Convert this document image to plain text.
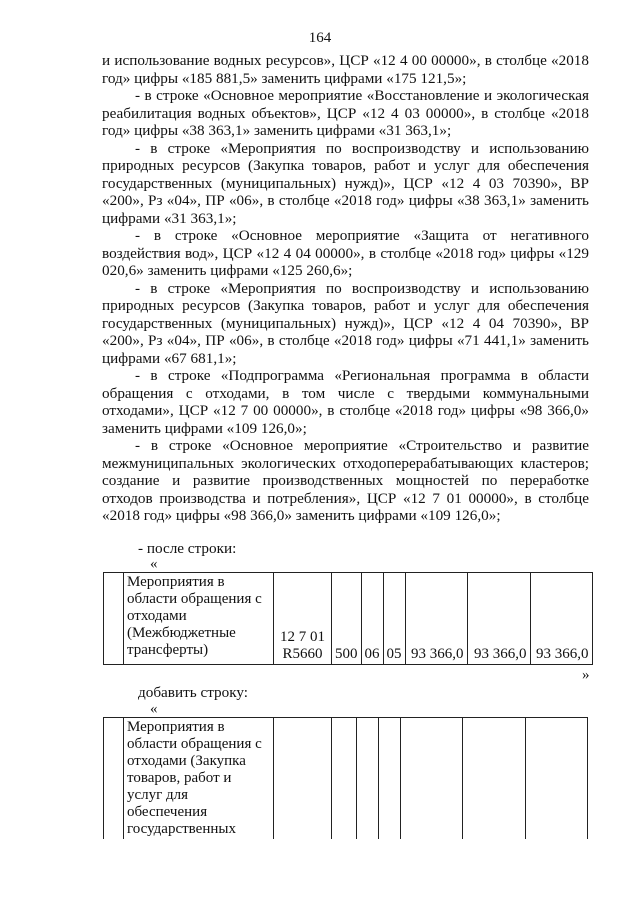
164

и использование водных ресурсов», ЦСР «12 4 00 00000», в столбце «2018 год» цифры «185 881,5» заменить цифрами «175 121,5»;

- в строке «Основное мероприятие «Восстановление и экологическая реабилитация водных объектов», ЦСР «12 4 03 00000», в столбце «2018 год» цифры «38 363,1» заменить цифрами «31 363,1»;

- в строке «Мероприятия по воспроизводству и использованию природных ресурсов (Закупка товаров, работ и услуг для обеспечения государственных (муниципальных) нужд)», ЦСР «12 4 03 70390», ВР «200», Рз «04», ПР «06», в столбце «2018 год» цифры «38 363,1» заменить цифрами «31 363,1»;

- в строке «Основное мероприятие «Защита от негативного воздействия вод», ЦСР «12 4 04 00000», в столбце «2018 год» цифры «129 020,6» заменить цифрами «125 260,6»;

- в строке «Мероприятия по воспроизводству и использованию природных ресурсов (Закупка товаров, работ и услуг для обеспечения государственных (муниципальных) нужд)», ЦСР «12 4 04 70390», ВР «200», Рз «04», ПР «06», в столбце «2018 год» цифры «71 441,1» заменить цифрами «67 681,1»;

- в строке «Подпрограмма «Региональная программа в области обращения с отходами, в том числе с твердыми коммунальными отходами», ЦСР «12 7 00 00000», в столбце «2018 год» цифры «98 366,0» заменить цифрами «109 126,0»;

- в строке «Основное мероприятие «Строительство и развитие межмуниципальных экологических отходоперерабатывающих кластеров; создание и развитие производственных мощностей по переработке отходов производства и потребления», ЦСР «12 7 01 00000», в столбце «2018 год» цифры «98 366,0» заменить цифрами «109 126,0»;

- после строки:
«
	Мероприятия в области обращения с отходами (Межбюджетные трансферты)	12 7 01 R5660	500	06	05	93 366,0	93 366,0	93 366,0
»
добавить строку:
«
	Мероприятия в области обращения с отходами (Закупка товаров, работ и услуг для обеспечения государственных							
